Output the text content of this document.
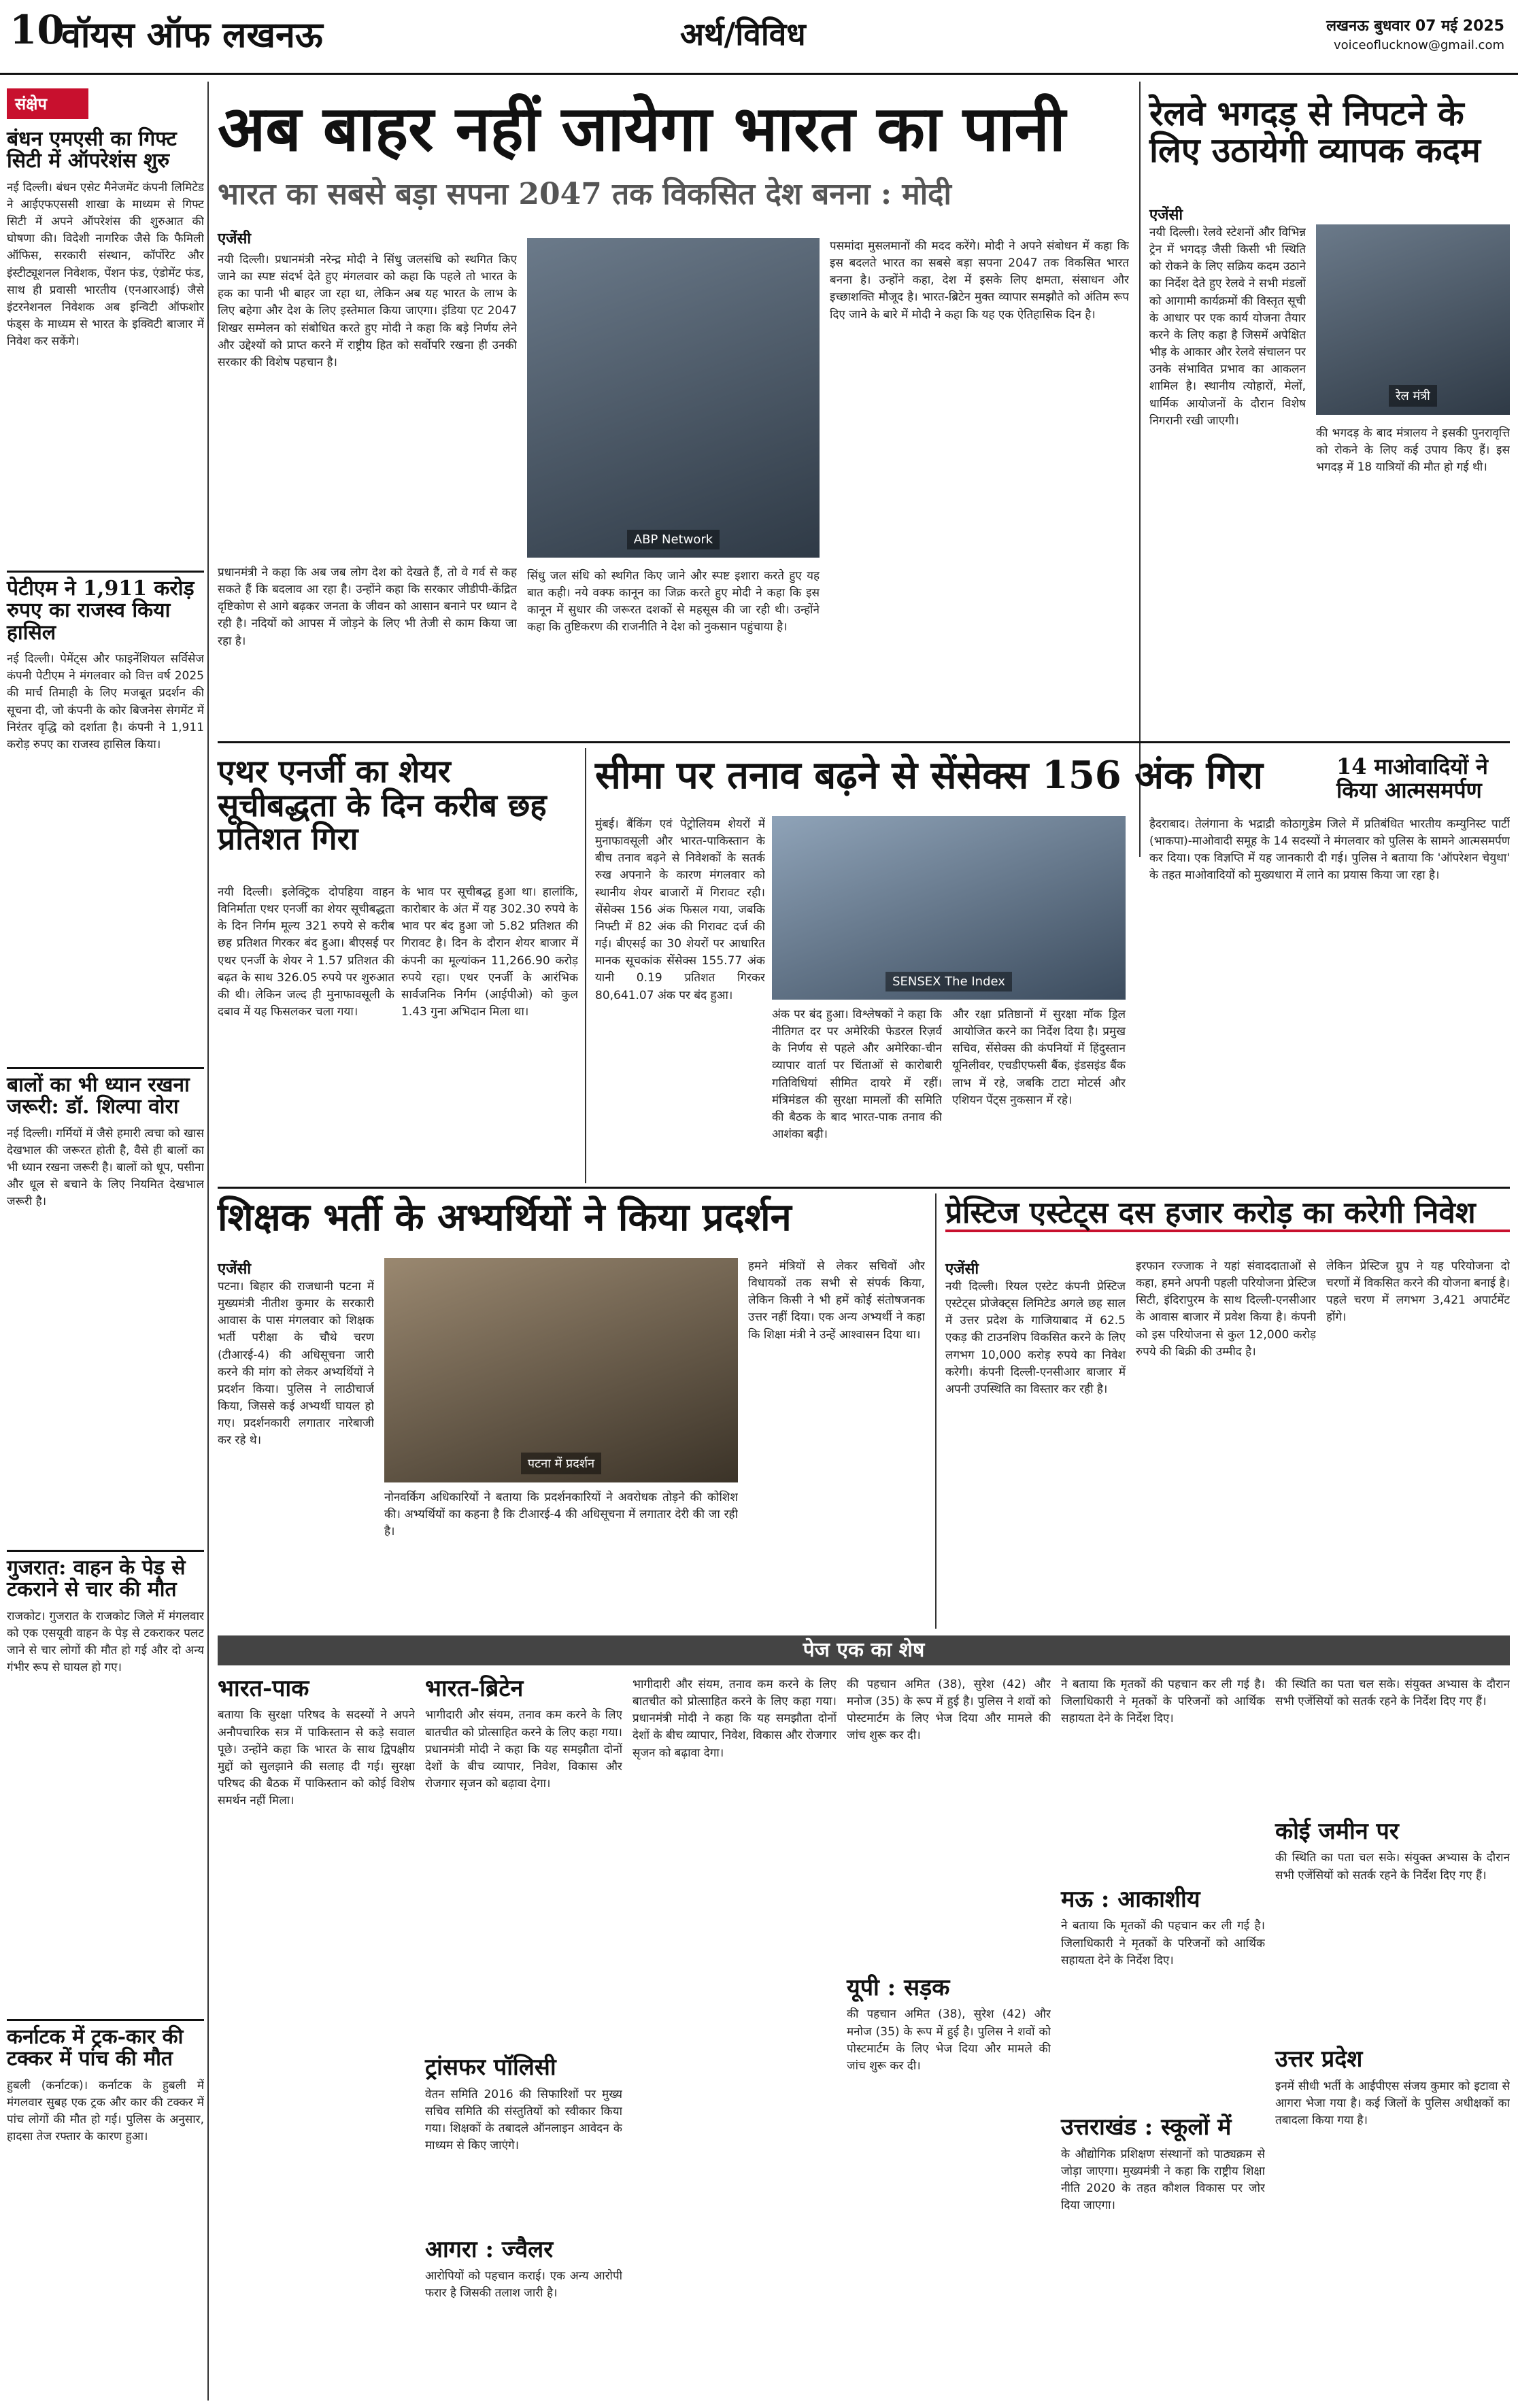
10
वॉयस ऑफ लखनऊ	अर्थ/विविध	लखनऊ बुधवार 07 मई 2025
voiceoflucknow@gmail.com
संक्षेप
बंधन एमएसी का गिफ्ट सिटी में ऑपरेशंस शुरु
नई दिल्ली। बंधन एसेट मैनेजमेंट कंपनी लिमिटेड ने आईएफएससी शाखा के माध्यम से गिफ्ट सिटी में अपने ऑपरेशंस की शुरुआत की घोषणा की। विदेशी नागरिक जैसे कि फैमिली ऑफिस, सरकारी संस्थान, कॉर्पोरेट और इंस्टीट्यूशनल निवेशक, पेंशन फंड, एंडोमेंट फंड, साथ ही प्रवासी भारतीय (एनआरआई) जैसे इंटरनेशनल निवेशक अब इन्विटी ऑफशोर फंड्स के माध्यम से भारत के इक्विटी बाजार में निवेश कर सकेंगे।
पेटीएम ने 1,911 करोड़ रुपए का राजस्व किया हासिल
नई दिल्ली। पेमेंट्स और फाइनेंशियल सर्विसेज कंपनी पेटीएम ने मंगलवार को वित्त वर्ष 2025 की मार्च तिमाही के लिए मजबूत प्रदर्शन की सूचना दी, जो कंपनी के कोर बिजनेस सेगमेंट में निरंतर वृद्धि को दर्शाता है। कंपनी ने 1,911 करोड़ रुपए का राजस्व हासिल किया।
बालों का भी ध्यान रखना जरूरी: डॉ. शिल्पा वोरा
नई दिल्ली। गर्मियों में जैसे हमारी त्वचा को खास देखभाल की जरूरत होती है, वैसे ही बालों का भी ध्यान रखना जरूरी है। बालों को धूप, पसीना और धूल से बचाने के लिए नियमित देखभाल जरूरी है।
गुजरात: वाहन के पेड़ से टकराने से चार की मौत
राजकोट। गुजरात के राजकोट जिले में मंगलवार को एक एसयूवी वाहन के पेड़ से टकराकर पलट जाने से चार लोगों की मौत हो गई और दो अन्य गंभीर रूप से घायल हो गए।
कर्नाटक में ट्रक-कार की टक्कर में पांच की मौत
हुबली (कर्नाटक)। कर्नाटक के हुबली में मंगलवार सुबह एक ट्रक और कार की टक्कर में पांच लोगों की मौत हो गई। पुलिस के अनुसार, हादसा तेज रफ्तार के कारण हुआ।
अब बाहर नहीं जायेगा भारत का पानी
भारत का सबसे बड़ा सपना 2047 तक विकसित देश बनना : मोदी
एजेंसी
नयी दिल्ली। प्रधानमंत्री नरेन्द्र मोदी ने सिंधु जलसंधि को स्थगित किए जाने का स्पष्ट संदर्भ देते हुए मंगलवार को कहा कि पहले तो भारत के हक का पानी भी बाहर जा रहा था, लेकिन अब यह भारत के लाभ के लिए बहेगा और देश के लिए इस्तेमाल किया जाएगा। इंडिया एट 2047 शिखर सम्मेलन को संबोधित करते हुए मोदी ने कहा कि बड़े निर्णय लेने और उद्देश्यों को प्राप्त करने में राष्ट्रीय हित को सर्वोपरि रखना ही उनकी सरकार की विशेष पहचान है।
प्रधानमंत्री ने कहा कि अब जब लोग देश को देखते हैं, तो वे गर्व से कह सकते हैं कि बदलाव आ रहा है। उन्होंने कहा कि सरकार जीडीपी-केंद्रित दृष्टिकोण से आगे बढ़कर जनता के जीवन को आसान बनाने पर ध्यान दे रही है। नदियों को आपस में जोड़ने के लिए भी तेजी से काम किया जा रहा है।
ABP Network
सिंधु जल संधि को स्थगित किए जाने और स्पष्ट इशारा करते हुए यह बात कही। नये वक्फ कानून का जिक्र करते हुए मोदी ने कहा कि इस कानून में सुधार की जरूरत दशकों से महसूस की जा रही थी। उन्होंने कहा कि तुष्टिकरण की राजनीति ने देश को नुकसान पहुंचाया है।
पसमांदा मुसलमानों की मदद करेंगे। मोदी ने अपने संबोधन में कहा कि इस बदलते भारत का सबसे बड़ा सपना 2047 तक विकसित भारत बनना है। उन्होंने कहा, देश में इसके लिए क्षमता, संसाधन और इच्छाशक्ति मौजूद है। भारत-ब्रिटेन मुक्त व्यापार समझौते को अंतिम रूप दिए जाने के बारे में मोदी ने कहा कि यह एक ऐतिहासिक दिन है।
रेलवे भगदड़ से निपटने के लिए उठायेगी व्यापक कदम
एजेंसी
नयी दिल्ली। रेलवे स्टेशनों और विभिन्न ट्रेन में भगदड़ जैसी किसी भी स्थिति को रोकने के लिए सक्रिय कदम उठाने का निर्देश देते हुए रेलवे ने सभी मंडलों को आगामी कार्यक्रमों की विस्तृत सूची के आधार पर एक कार्य योजना तैयार करने के लिए कहा है जिसमें अपेक्षित भीड़ के आकार और रेलवे संचालन पर उनके संभावित प्रभाव का आकलन शामिल है। स्थानीय त्योहारों, मेलों, धार्मिक आयोजनों के दौरान विशेष निगरानी रखी जाएगी।
रेल मंत्री
की भगदड़ के बाद मंत्रालय ने इसकी पुनरावृत्ति को रोकने के लिए कई उपाय किए हैं। इस भगदड़ में 18 यात्रियों की मौत हो गई थी।
एथर एनर्जी का शेयर सूचीबद्धता के दिन करीब छह प्रतिशत गिरा
नयी दिल्ली। इलेक्ट्रिक दोपहिया वाहन विनिर्माता एथर एनर्जी का शेयर सूचीबद्धता के दिन निर्गम मूल्य 321 रुपये से करीब छह प्रतिशत गिरकर बंद हुआ। बीएसई पर एथर एनर्जी के शेयर ने 1.57 प्रतिशत की बढ़त के साथ 326.05 रुपये पर शुरुआत की थी। लेकिन जल्द ही मुनाफावसूली के दबाव में यह फिसलकर चला गया।
के भाव पर सूचीबद्ध हुआ था। हालांकि, कारोबार के अंत में यह 302.30 रुपये के भाव पर बंद हुआ जो 5.82 प्रतिशत की गिरावट है। दिन के दौरान शेयर बाजार में कंपनी का मूल्यांकन 11,266.90 करोड़ रुपये रहा। एथर एनर्जी के आरंभिक सार्वजनिक निर्गम (आईपीओ) को कुल 1.43 गुना अभिदान मिला था।
सीमा पर तनाव बढ़ने से सेंसेक्स 156 अंक गिरा
मुंबई। बैंकिंग एवं पेट्रोलियम शेयरों में मुनाफावसूली और भारत-पाकिस्तान के बीच तनाव बढ़ने से निवेशकों के सतर्क रुख अपनाने के कारण मंगलवार को स्थानीय शेयर बाजारों में गिरावट रही। सेंसेक्स 156 अंक फिसल गया, जबकि निफ्टी में 82 अंक की गिरावट दर्ज की गई। बीएसई का 30 शेयरों पर आधारित मानक सूचकांक सेंसेक्स 155.77 अंक यानी 0.19 प्रतिशत गिरकर 80,641.07 अंक पर बंद हुआ।
SENSEX The Index
अंक पर बंद हुआ। विश्लेषकों ने कहा कि नीतिगत दर पर अमेरिकी फेडरल रिज़र्व के निर्णय से पहले और अमेरिका-चीन व्यापार वार्ता पर चिंताओं से कारोबारी गतिविधियां सीमित दायरे में रहीं। मंत्रिमंडल की सुरक्षा मामलों की समिति की बैठक के बाद भारत-पाक तनाव की आशंका बढ़ी।
और रक्षा प्रतिष्ठानों में सुरक्षा मॉक ड्रिल आयोजित करने का निर्देश दिया है। प्रमुख सचिव, सेंसेक्स की कंपनियों में हिंदुस्तान यूनिलीवर, एचडीएफसी बैंक, इंडसइंड बैंक लाभ में रहे, जबकि टाटा मोटर्स और एशियन पेंट्स नुकसान में रहे।
14 माओवादियों ने किया आत्मसमर्पण
हैदराबाद। तेलंगाना के भद्राद्री कोठागुडेम जिले में प्रतिबंधित भारतीय कम्युनिस्ट पार्टी (भाकपा)-माओवादी समूह के 14 सदस्यों ने मंगलवार को पुलिस के सामने आत्मसमर्पण कर दिया। एक विज्ञप्ति में यह जानकारी दी गई। पुलिस ने बताया कि 'ऑपरेशन चेयुथा' के तहत माओवादियों को मुख्यधारा में लाने का प्रयास किया जा रहा है।
शिक्षक भर्ती के अभ्यर्थियों ने किया प्रदर्शन
एजेंसी
पटना। बिहार की राजधानी पटना में मुख्यमंत्री नीतीश कुमार के सरकारी आवास के पास मंगलवार को शिक्षक भर्ती परीक्षा के चौथे चरण (टीआरई-4) की अधिसूचना जारी करने की मांग को लेकर अभ्यर्थियों ने प्रदर्शन किया। पुलिस ने लाठीचार्ज किया, जिससे कई अभ्यर्थी घायल हो गए। प्रदर्शनकारी लगातार नारेबाजी कर रहे थे।
पटना में प्रदर्शन
नोनवर्किग अधिकारियों ने बताया कि प्रदर्शनकारियों ने अवरोधक तोड़ने की कोशिश की। अभ्यर्थियों का कहना है कि टीआरई-4 की अधिसूचना में लगातार देरी की जा रही है।
हमने मंत्रियों से लेकर सचिवों और विधायकों तक सभी से संपर्क किया, लेकिन किसी ने भी हमें कोई संतोषजनक उत्तर नहीं दिया। एक अन्य अभ्यर्थी ने कहा कि शिक्षा मंत्री ने उन्हें आश्वासन दिया था।
प्रेस्टिज एस्टेट्स दस हजार करोड़ का करेगी निवेश
एजेंसी
नयी दिल्ली। रियल एस्टेट कंपनी प्रेस्टिज एस्टेट्स प्रोजेक्ट्स लिमिटेड अगले छह साल में उत्तर प्रदेश के गाजियाबाद में 62.5 एकड़ की टाउनशिप विकसित करने के लिए लगभग 10,000 करोड़ रुपये का निवेश करेगी। कंपनी दिल्ली-एनसीआर बाजार में अपनी उपस्थिति का विस्तार कर रही है।
इरफान रज्जाक ने यहां संवाददाताओं से कहा, हमने अपनी पहली परियोजना प्रेस्टिज सिटी, इंदिरापुरम के साथ दिल्ली-एनसीआर के आवास बाजार में प्रवेश किया है। कंपनी को इस परियोजना से कुल 12,000 करोड़ रुपये की बिक्री की उम्मीद है।
लेकिन प्रेस्टिज ग्रुप ने यह परियोजना दो चरणों में विकसित करने की योजना बनाई है। पहले चरण में लगभग 3,421 अपार्टमेंट होंगे।
पेज एक का शेष
भारत-पाक
बताया कि सुरक्षा परिषद के सदस्यों ने अपने अनौपचारिक सत्र में पाकिस्तान से कड़े सवाल पूछे। उन्होंने कहा कि भारत के साथ द्विपक्षीय मुद्दों को सुलझाने की सलाह दी गई। सुरक्षा परिषद की बैठक में पाकिस्तान को कोई विशेष समर्थन नहीं मिला।
भारत-ब्रिटेन
भागीदारी और संयम, तनाव कम करने के लिए बातचीत को प्रोत्साहित करने के लिए कहा गया। प्रधानमंत्री मोदी ने कहा कि यह समझौता दोनों देशों के बीच व्यापार, निवेश, विकास और रोजगार सृजन को बढ़ावा देगा।
ट्रांसफर पॉलिसी
वेतन समिति 2016 की सिफारिशों पर मुख्य सचिव समिति की संस्तुतियों को स्वीकार किया गया। शिक्षकों के तबादले ऑनलाइन आवेदन के माध्यम से किए जाएंगे।
आगरा : ज्वैलर
आरोपियों को पहचान कराई। एक अन्य आरोपी फरार है जिसकी तलाश जारी है।
भागीदारी और संयम, तनाव कम करने के लिए बातचीत को प्रोत्साहित करने के लिए कहा गया। प्रधानमंत्री मोदी ने कहा कि यह समझौता दोनों देशों के बीच व्यापार, निवेश, विकास और रोजगार सृजन को बढ़ावा देगा।
की पहचान अमित (38), सुरेश (42) और मनोज (35) के रूप में हुई है। पुलिस ने शवों को पोस्टमार्टम के लिए भेज दिया और मामले की जांच शुरू कर दी।
यूपी : सड़क
की पहचान अमित (38), सुरेश (42) और मनोज (35) के रूप में हुई है। पुलिस ने शवों को पोस्टमार्टम के लिए भेज दिया और मामले की जांच शुरू कर दी।
ने बताया कि मृतकों की पहचान कर ली गई है। जिलाधिकारी ने मृतकों के परिजनों को आर्थिक सहायता देने के निर्देश दिए।
मऊ : आकाशीय
ने बताया कि मृतकों की पहचान कर ली गई है। जिलाधिकारी ने मृतकों के परिजनों को आर्थिक सहायता देने के निर्देश दिए।
उत्तराखंड : स्कूलों में
के औद्योगिक प्रशिक्षण संस्थानों को पाठ्यक्रम से जोड़ा जाएगा। मुख्यमंत्री ने कहा कि राष्ट्रीय शिक्षा नीति 2020 के तहत कौशल विकास पर जोर दिया जाएगा।
की स्थिति का पता चल सके। संयुक्त अभ्यास के दौरान सभी एजेंसियों को सतर्क रहने के निर्देश दिए गए हैं।
कोई जमीन पर
की स्थिति का पता चल सके। संयुक्त अभ्यास के दौरान सभी एजेंसियों को सतर्क रहने के निर्देश दिए गए हैं।
उत्तर प्रदेश
इनमें सीधी भर्ती के आईपीएस संजय कुमार को इटावा से आगरा भेजा गया है। कई जिलों के पुलिस अधीक्षकों का तबादला किया गया है।
